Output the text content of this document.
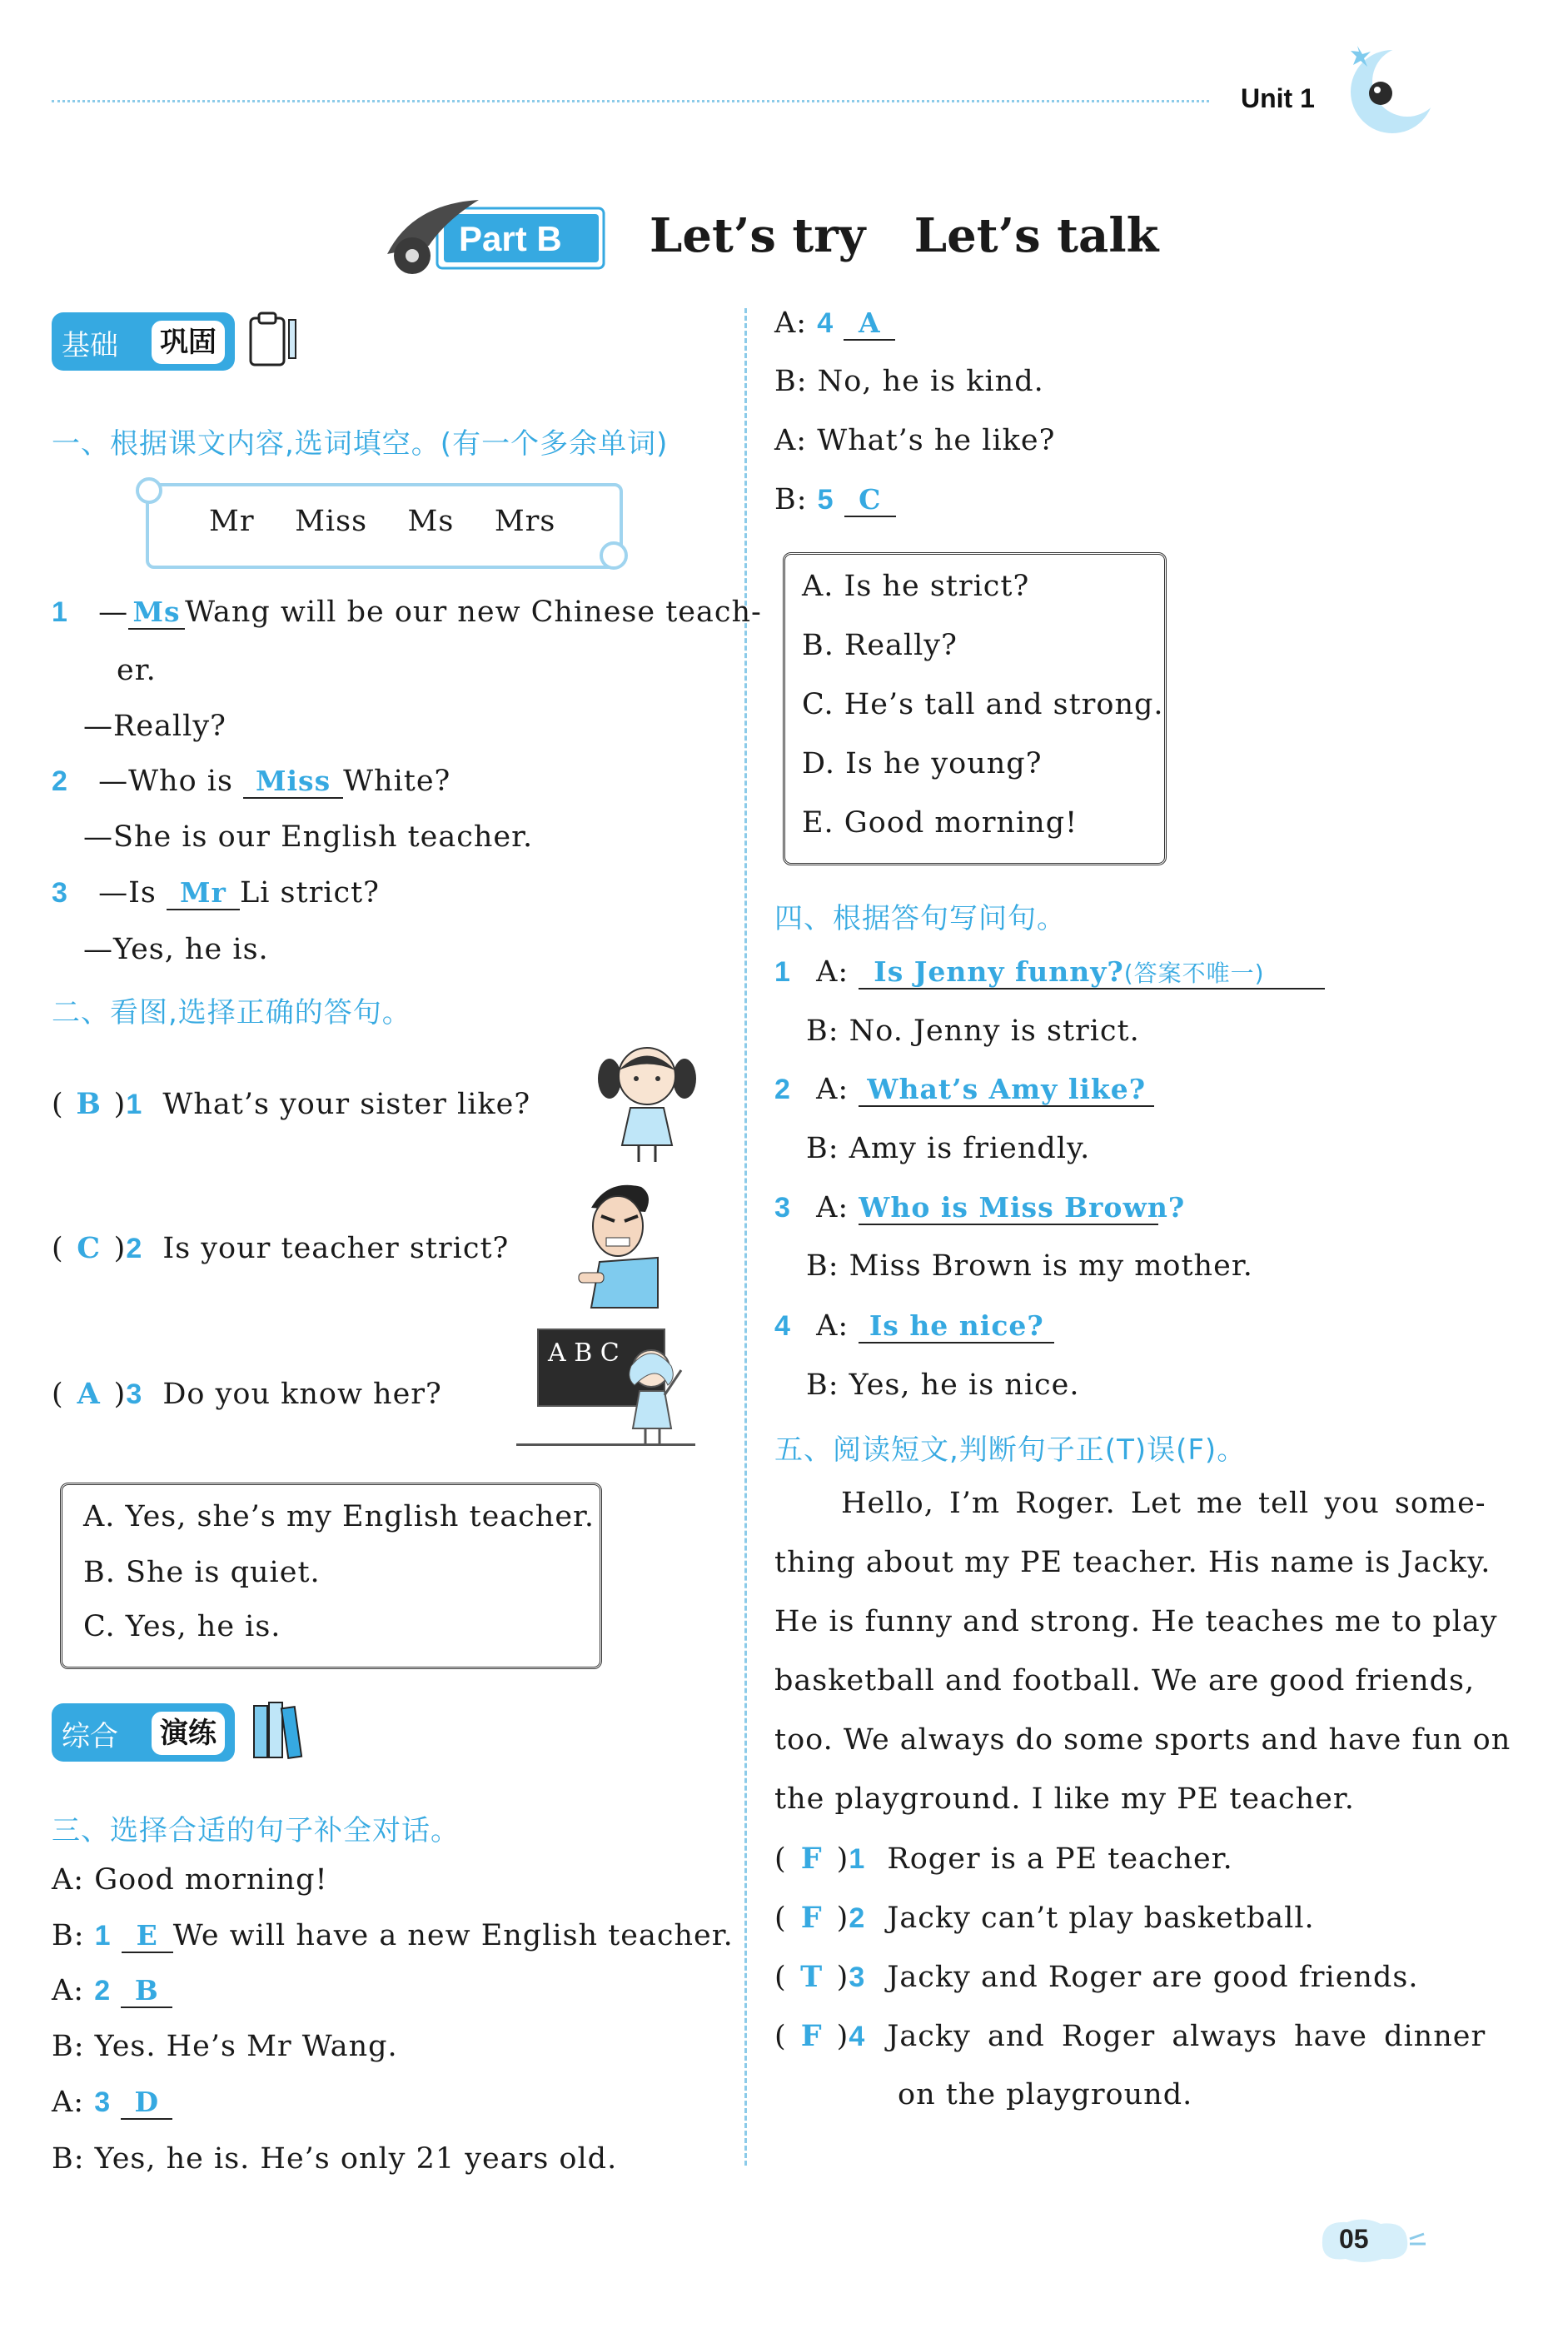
Unit 1
Part B Let’s try   Let’s talk
基础	巩固
一、根据课文内容,选词填空。(有一个多余单词)
Mr    Miss    Ms    Mrs
1 — Ms Wang will be our new Chinese teach-
er.
—Really?
2 —Who is Miss White?
—She is our English teacher.
3 —Is Mr Li strict?
—Yes, he is.
二、看图,选择正确的答句。
( B )1 What’s your sister like?
( C )2 Is your teacher strict?
( A )3 Do you know her?
A B C
A. Yes, she’s my English teacher.
B. She is quiet.
C. Yes, he is.
综合	演练
三、选择合适的句子补全对话。
A: Good morning!
B: 1 E We will have a new English teacher.
A: 2 B
B: Yes. He’s Mr Wang.
A: 3 D
B: Yes, he is. He’s only 21 years old.
A: 4 A
B: No, he is kind.
A: What’s he like?
B: 5 C
A. Is he strict?
B. Really?
C. He’s tall and strong.
D. Is he young?
E. Good morning!
四、根据答句写问句。
1 A: Is Jenny funny?(答案不唯一)
B: No. Jenny is strict.
2 A: What’s Amy like?
B: Amy is friendly.
3 A: Who is Miss Brown?
B: Miss Brown is my mother.
4 A: Is he nice?
B: Yes, he is nice.
五、阅读短文,判断句子正(T)误(F)。
Hello, I’m Roger. Let me tell you some-
thing about my PE teacher. His name is Jacky.
He is funny and strong. He teaches me to play
basketball and football. We are good friends,
too. We always do some sports and have fun on
the playground. I like my PE teacher.
( F )1 Roger is a PE teacher.
( F )2 Jacky can’t play basketball.
( T )3 Jacky and Roger are good friends.
( F )4 Jacky and Roger always have dinner
on the playground.
05
